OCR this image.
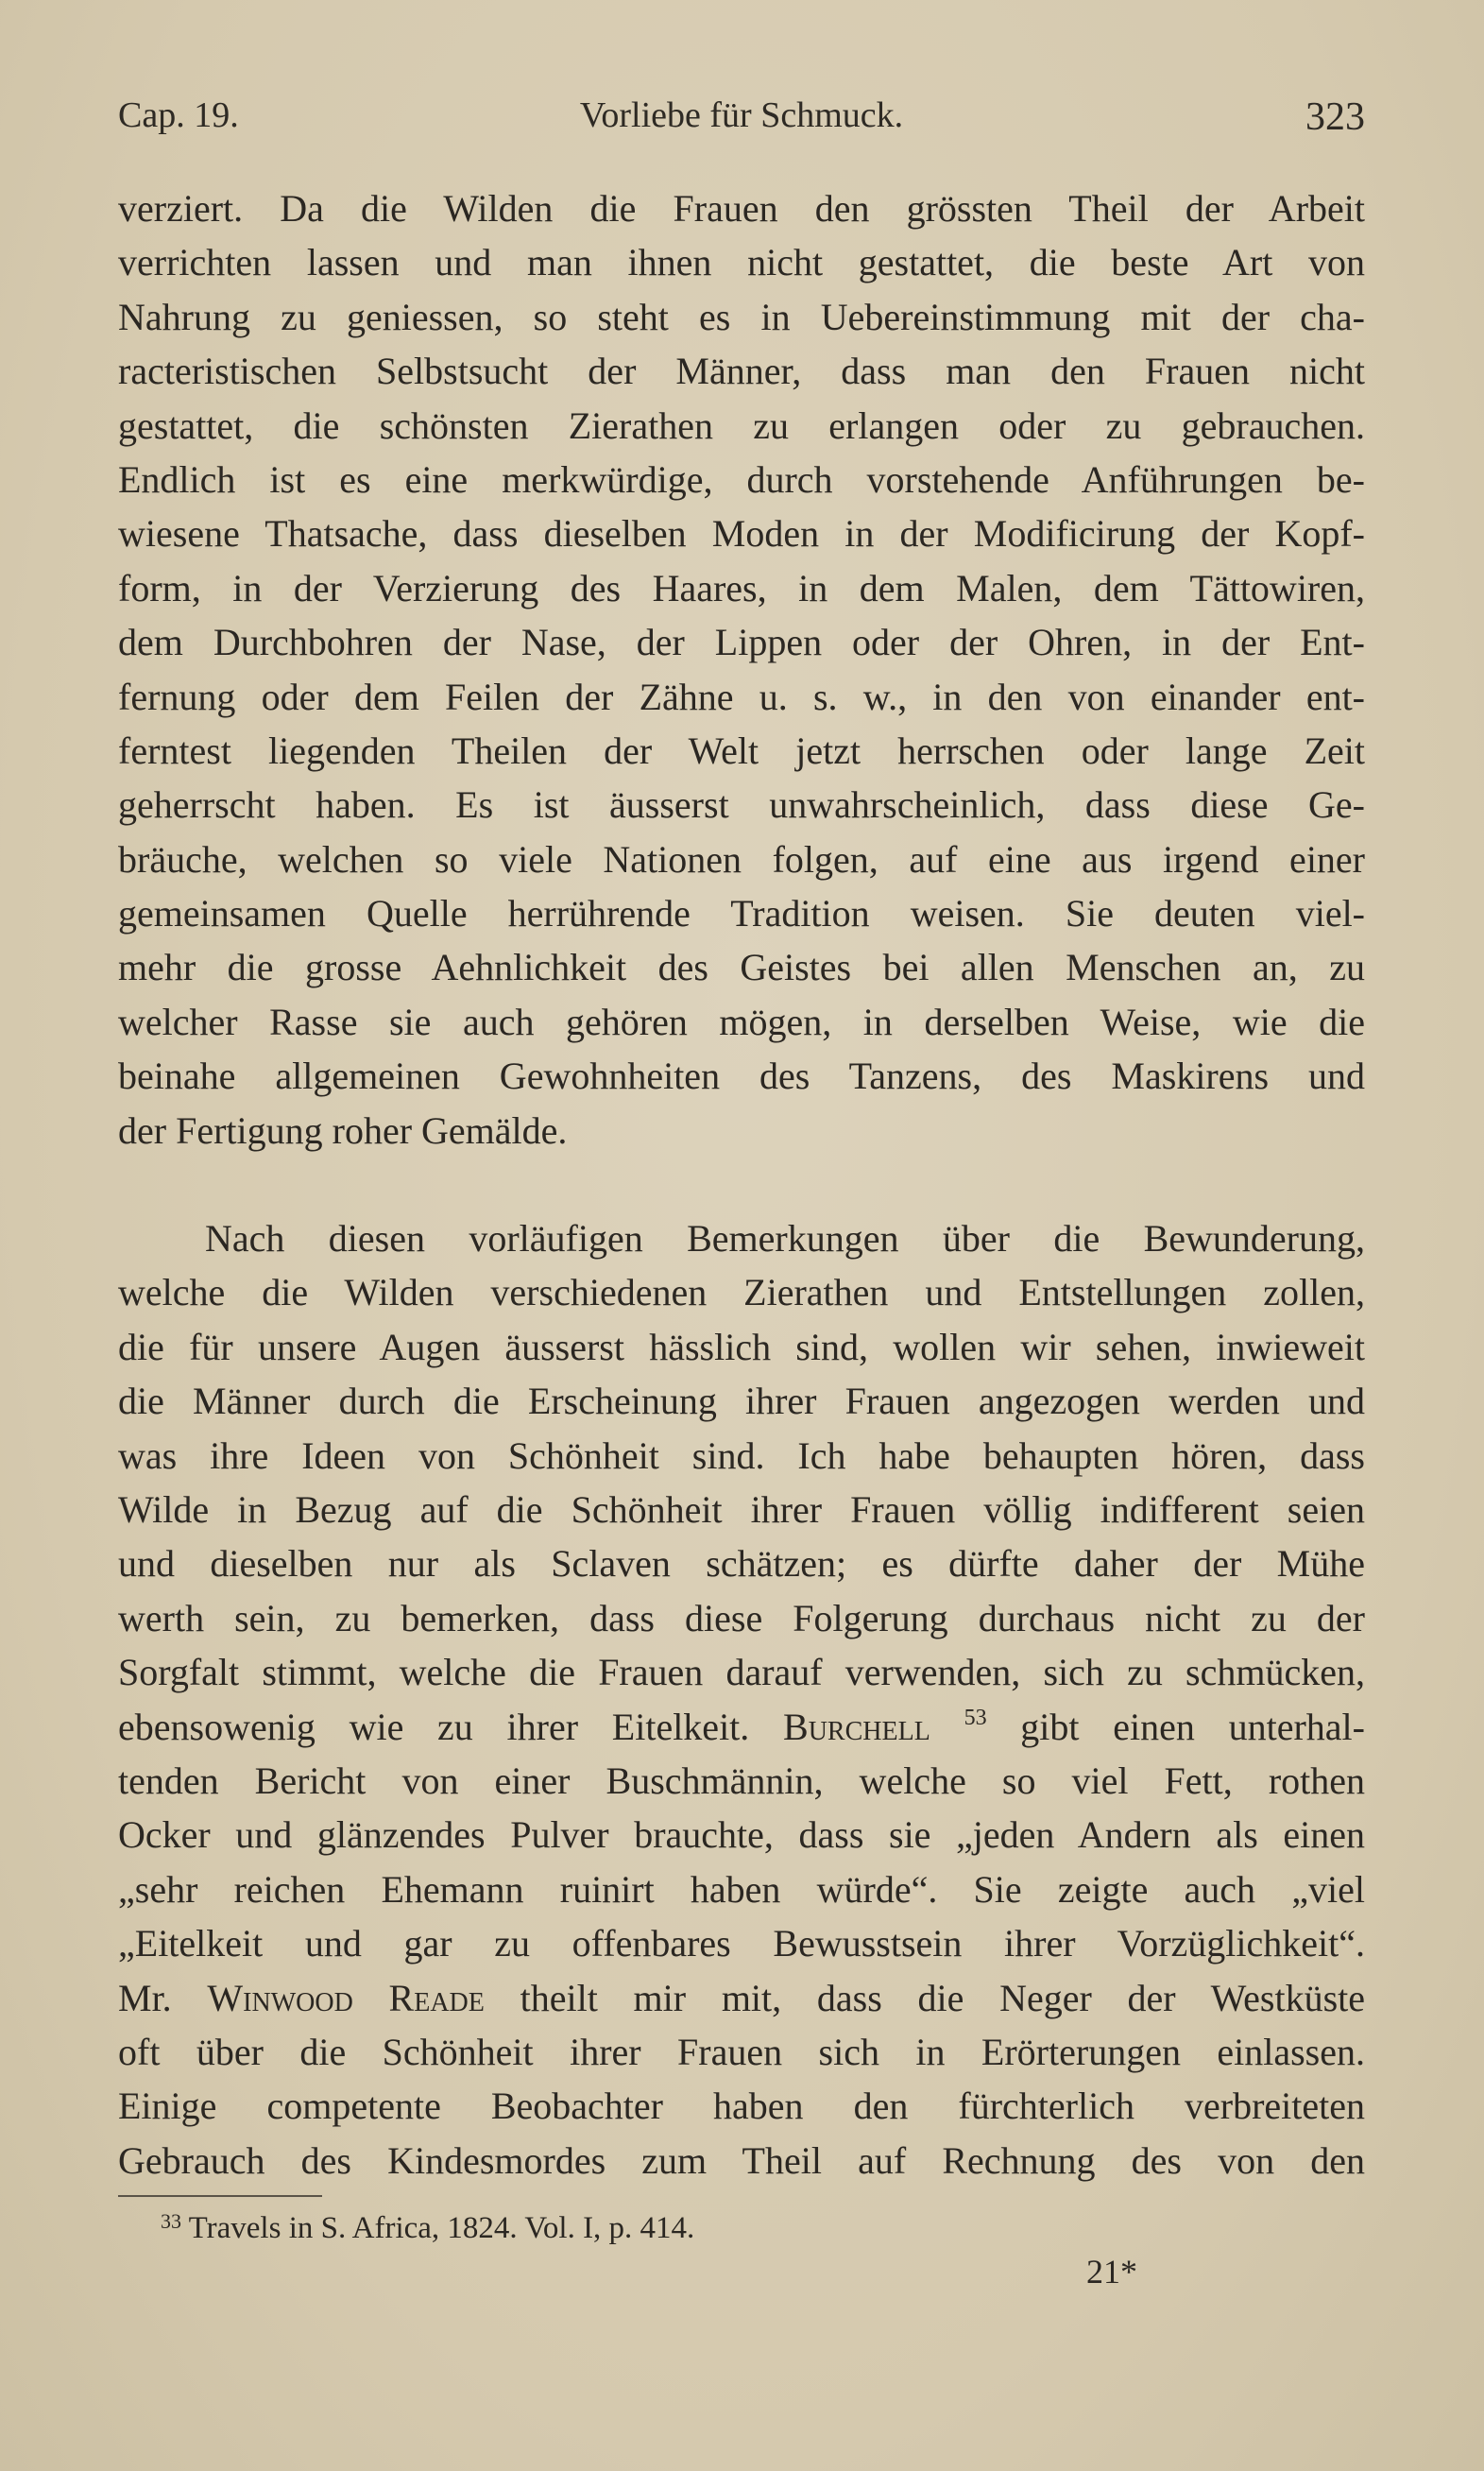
Cap. 19.	Vorliebe für Schmuck.	323
verziert. Da die Wilden die Frauen den grössten Theil der Arbeit
verrichten lassen und man ihnen nicht gestattet, die beste Art von
Nahrung zu geniessen, so steht es in Uebereinstimmung mit der cha-
racteristischen Selbstsucht der Männer, dass man den Frauen nicht
gestattet, die schönsten Zierathen zu erlangen oder zu gebrauchen.
Endlich ist es eine merkwürdige, durch vorstehende Anführungen be-
wiesene Thatsache, dass dieselben Moden in der Modificirung der Kopf-
form, in der Verzierung des Haares, in dem Malen, dem Tättowiren,
dem Durchbohren der Nase, der Lippen oder der Ohren, in der Ent-
fernung oder dem Feilen der Zähne u. s. w., in den von einander ent-
ferntest liegenden Theilen der Welt jetzt herrschen oder lange Zeit
geherrscht haben. Es ist äusserst unwahrscheinlich, dass diese Ge-
bräuche, welchen so viele Nationen folgen, auf eine aus irgend einer
gemeinsamen Quelle herrührende Tradition weisen. Sie deuten viel-
mehr die grosse Aehnlichkeit des Geistes bei allen Menschen an, zu
welcher Rasse sie auch gehören mögen, in derselben Weise, wie die
beinahe allgemeinen Gewohnheiten des Tanzens, des Maskirens und
der Fertigung roher Gemälde.
Nach diesen vorläufigen Bemerkungen über die Bewunderung,
welche die Wilden verschiedenen Zierathen und Entstellungen zollen,
die für unsere Augen äusserst hässlich sind, wollen wir sehen, inwieweit
die Männer durch die Erscheinung ihrer Frauen angezogen werden und
was ihre Ideen von Schönheit sind. Ich habe behaupten hören, dass
Wilde in Bezug auf die Schönheit ihrer Frauen völlig indifferent seien
und dieselben nur als Sclaven schätzen; es dürfte daher der Mühe
werth sein, zu bemerken, dass diese Folgerung durchaus nicht zu der
Sorgfalt stimmt, welche die Frauen darauf verwenden, sich zu schmücken,
ebensowenig wie zu ihrer Eitelkeit. Burchell $^{53}$ gibt einen unterhal-
tenden Bericht von einer Buschmännin, welche so viel Fett, rothen
Ocker und glänzendes Pulver brauchte, dass sie „jeden Andern als einen
„sehr reichen Ehemann ruinirt haben würde“. Sie zeigte auch „viel
„Eitelkeit und gar zu offenbares Bewusstsein ihrer Vorzüglichkeit“.
Mr. Winwood Reade theilt mir mit, dass die Neger der Westküste
oft über die Schönheit ihrer Frauen sich in Erörterungen einlassen.
Einige competente Beobachter haben den fürchterlich verbreiteten
Gebrauch des Kindesmordes zum Theil auf Rechnung des von den
$^{33}$ Travels in S. Africa, 1824. Vol. I, p. 414.
21*
